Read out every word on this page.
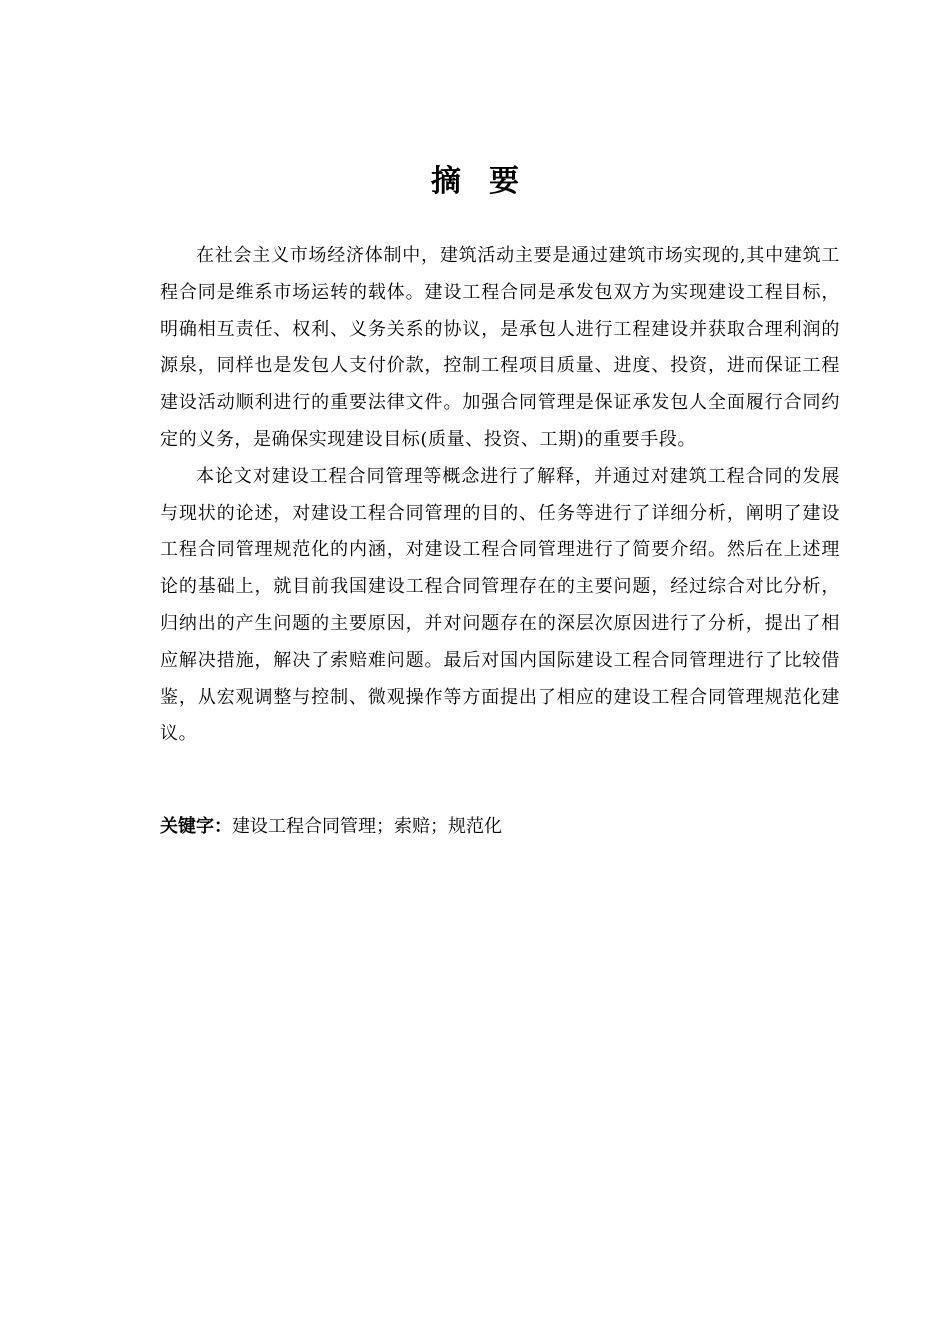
摘要

在社会主义市场经济体制中，建筑活动主要是通过建筑市场实现的,其中建筑工程合同是维系市场运转的载体。建设工程合同是承发包双方为实现建设工程目标，明确相互责任、权利、义务关系的协议，是承包人进行工程建设并获取合理利润的源泉，同样也是发包人支付价款，控制工程项目质量、进度、投资，进而保证工程建设活动顺利进行的重要法律文件。加强合同管理是保证承发包人全面履行合同约定的义务，是确保实现建设目标(质量、投资、工期)的重要手段。

本论文对建设工程合同管理等概念进行了解释，并通过对建筑工程合同的发展与现状的论述，对建设工程合同管理的目的、任务等进行了详细分析，阐明了建设工程合同管理规范化的内涵，对建设工程合同管理进行了简要介绍。然后在上述理论的基础上，就目前我国建设工程合同管理存在的主要问题，经过综合对比分析，归纳出的产生问题的主要原因，并对问题存在的深层次原因进行了分析，提出了相应解决措施，解决了索赔难问题。最后对国内国际建设工程合同管理进行了比较借鉴，从宏观调整与控制、微观操作等方面提出了相应的建设工程合同管理规范化建议。

关键字：建设工程合同管理；索赔；规范化
